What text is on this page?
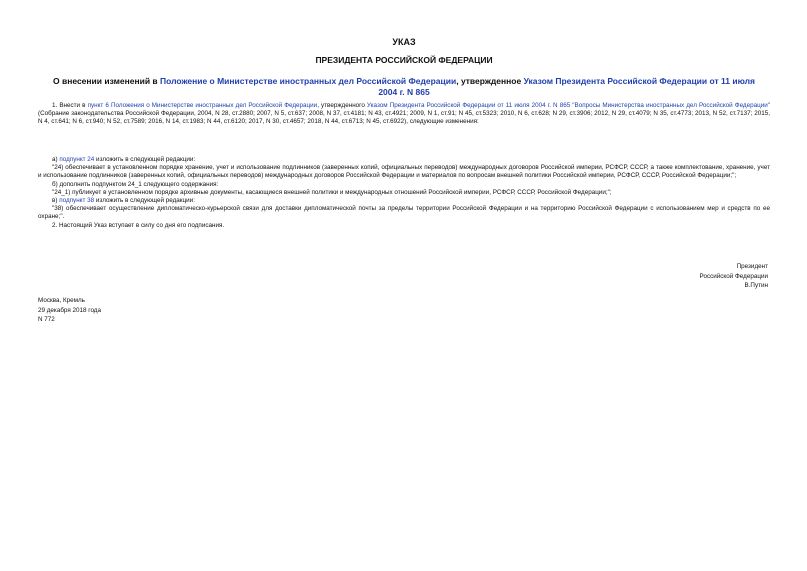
УКАЗ
ПРЕЗИДЕНТА РОССИЙСКОЙ ФЕДЕРАЦИИ
О внесении изменений в Положение о Министерстве иностранных дел Российской Федерации, утвержденное Указом Президента Российской Федерации от 11 июля 2004 г. N 865
1. Внести в пункт 6 Положения о Министерстве иностранных дел Российской Федерации, утвержденного Указом Президента Российской Федерации от 11 июля 2004 г. N 865 "Вопросы Министерства иностранных дел Российской Федерации" (Собрание законодательства Российской Федерации, 2004, N 28, ст.2880; 2007, N 5, ст.637; 2008, N 37, ст.4181; N 43, ст.4921; 2009, N 1, ст.91; N 45, ст.5323; 2010, N 6, ст.628; N 29, ст.3906; 2012, N 29, ст.4079; N 35, ст.4773; 2013, N 52, ст.7137; 2015, N 4, ст.641; N 6, ст.940; N 52, ст.7589; 2016, N 14, ст.1983; N 44, ст.6120; 2017, N 30, ст.4657; 2018, N 44, ст.6713; N 45, ст.6922), следующие изменения:

а) подпункт 24 изложить в следующей редакции:

"24) обеспечивает в установленном порядке хранение, учет и использование подлинников (заверенных копий, официальных переводов) международных договоров Российской империи, РСФСР, СССР, а также комплектование, хранение, учет и использование подлинников (заверенных копий, официальных переводов) международных договоров Российской Федерации и материалов по вопросам внешней политики Российской империи, РСФСР, СССР, Российской Федерации;";

б) дополнить подпунктом 24_1 следующего содержания:

"24_1) публикует в установленном порядке архивные документы, касающиеся внешней политики и международных отношений Российской империи, РСФСР, СССР, Российской Федерации;";

в) подпункт 38 изложить в следующей редакции:

"38) обеспечивает осуществление дипломатическо-курьерской связи для доставки дипломатической почты за пределы территории Российской Федерации и на территорию Российской Федерации с использованием мер и средств по ее охране;".

2. Настоящий Указ вступает в силу со дня его подписания.

Президент
Российской Федерации
В.Путин
Москва, Кремль
29 декабря 2018 года
N 772
